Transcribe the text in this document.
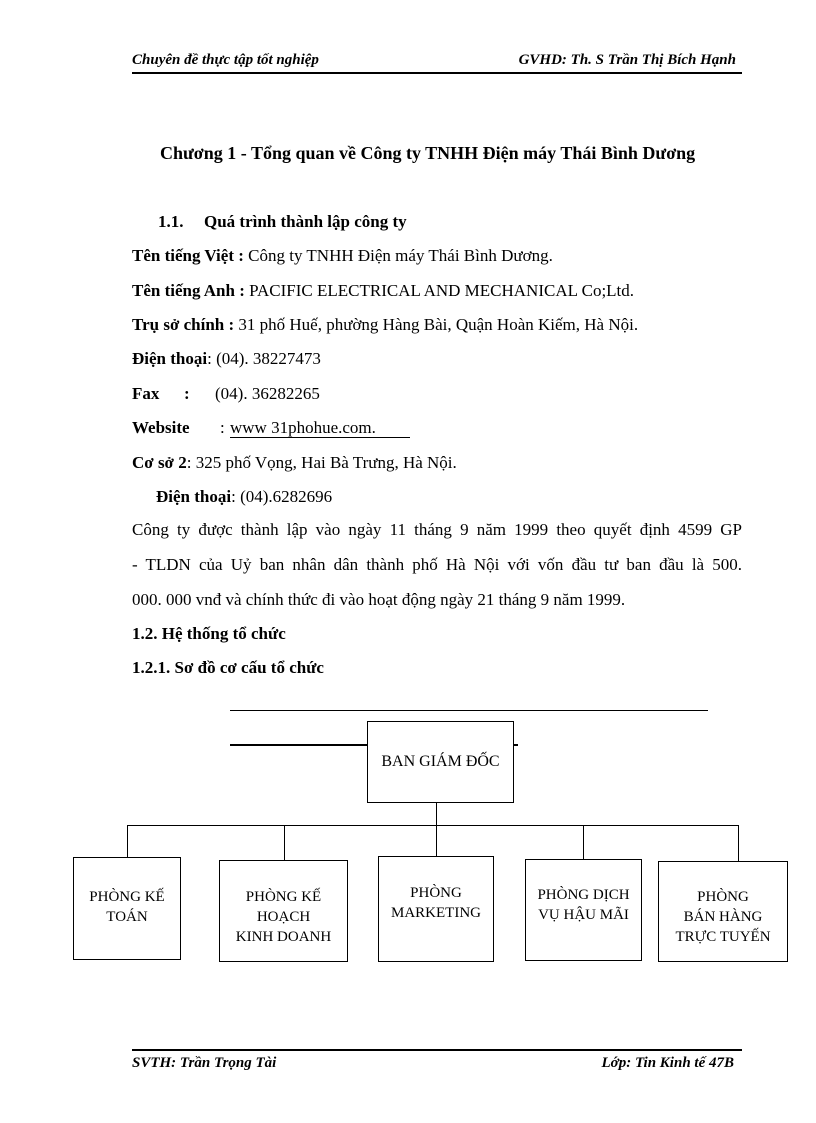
Chuyên đề thực tập tốt nghiệp	GVHD: Th. S Trần Thị Bích Hạnh
Chương 1 - Tổng quan về Công ty TNHH Điện máy Thái Bình Dương
1.1. Quá trình thành lập công ty
Tên tiếng Việt : Công ty TNHH Điện máy Thái Bình Dương.
Tên tiếng Anh : PACIFIC ELECTRICAL AND MECHANICAL Co;Ltd.
Trụ sở chính : 31 phố Huế, phường Hàng Bài, Quận Hoàn Kiếm, Hà Nội.
Điện thoại: (04). 38227473
Fax : (04). 36282265
Website : www 31phohue.com.
Cơ sở 2: 325 phố Vọng, Hai Bà Trưng, Hà Nội.
Điện thoại: (04).6282696
Công ty được thành lập vào ngày 11 tháng 9 năm 1999 theo quyết định 4599 GP
- TLDN của Uỷ ban nhân dân thành phố Hà Nội với vốn đầu tư ban đầu là 500.
000. 000 vnđ và chính thức đi vào hoạt động ngày 21 tháng 9 năm 1999.
1.2. Hệ thống tổ chức
1.2.1. Sơ đồ cơ cấu tổ chức
BAN GIÁM ĐỐC
PHÒNG KẾ
TOÁN
PHÒNG KẾ
HOẠCH
KINH DOANH
PHÒNG
MARKETING
PHÒNG DỊCH
VỤ HẬU MÃI
PHÒNG
BÁN HÀNG
TRỰC TUYẾN
SVTH: Trần Trọng Tài	Lớp: Tin Kinh tế 47B
